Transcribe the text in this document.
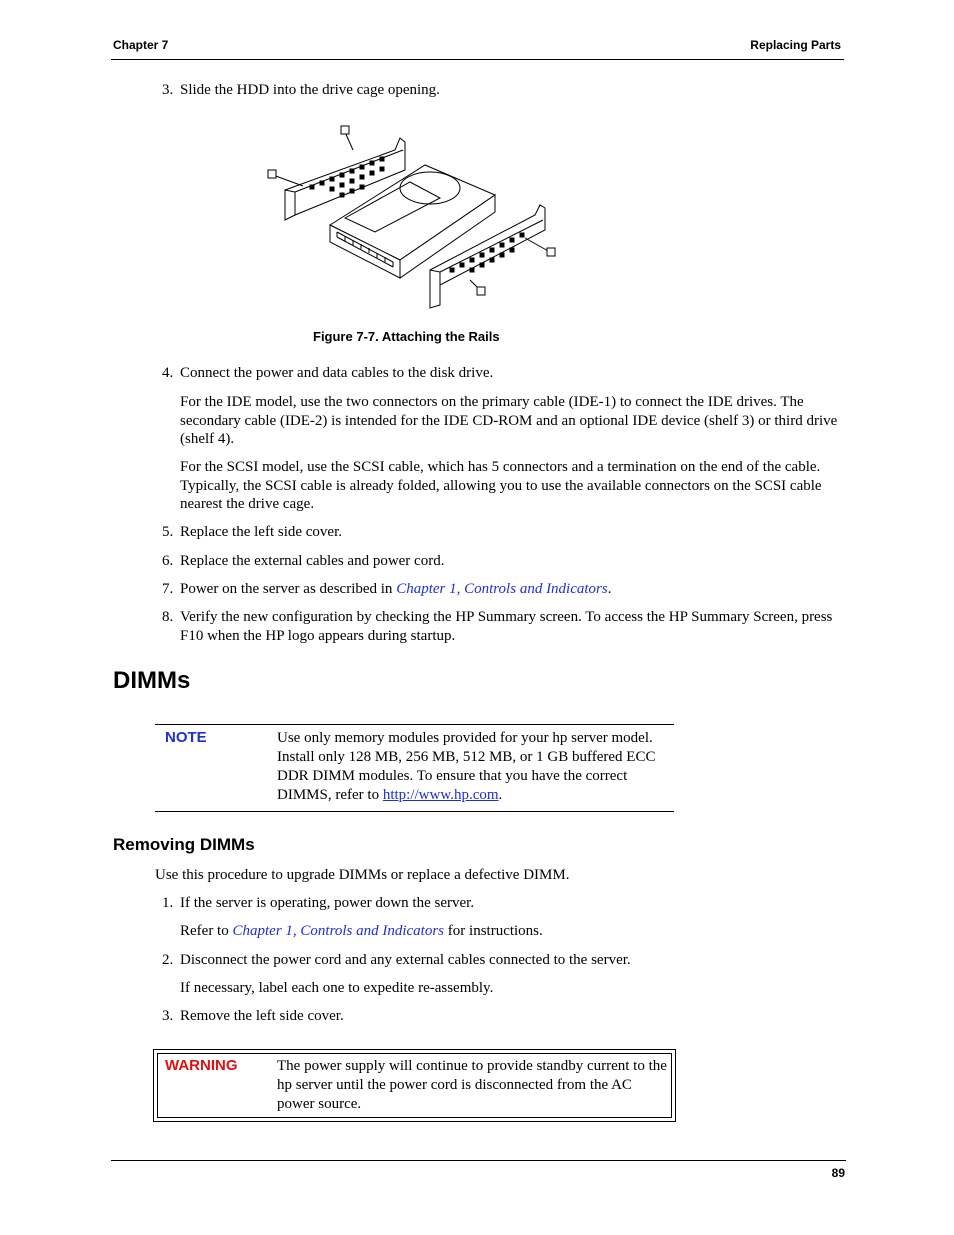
Chapter 7	Replacing Parts
3. Slide the HDD into the drive cage opening.
Figure 7-7. Attaching the Rails
4. Connect the power and data cables to the disk drive.
For the IDE model, use the two connectors on the primary cable (IDE-1) to connect the IDE drives. The secondary cable (IDE-2) is intended for the IDE CD-ROM and an optional IDE device (shelf 3) or third drive (shelf 4).
For the SCSI model, use the SCSI cable, which has 5 connectors and a termination on the end of the cable. Typically, the SCSI cable is already folded, allowing you to use the available connectors on the SCSI cable nearest the drive cage.
5. Replace the left side cover.
6. Replace the external cables and power cord.
7. Power on the server as described in Chapter 1, Controls and Indicators.
8. Verify the new configuration by checking the HP Summary screen. To access the HP Summary Screen, press F10 when the HP logo appears during startup.
DIMMs
NOTE	Use only memory modules provided for your hp server model. Install only 128 MB, 256 MB, 512 MB, or 1 GB buffered ECC DDR DIMM modules. To ensure that you have the correct DIMMS, refer to http://www.hp.com.
Removing DIMMs
Use this procedure to upgrade DIMMs or replace a defective DIMM.
1. If the server is operating, power down the server.
Refer to Chapter 1, Controls and Indicators for instructions.
2. Disconnect the power cord and any external cables connected to the server.
If necessary, label each one to expedite re-assembly.
3. Remove the left side cover.
WARNING	The power supply will continue to provide standby current to the hp server until the power cord is disconnected from the AC power source.
89
